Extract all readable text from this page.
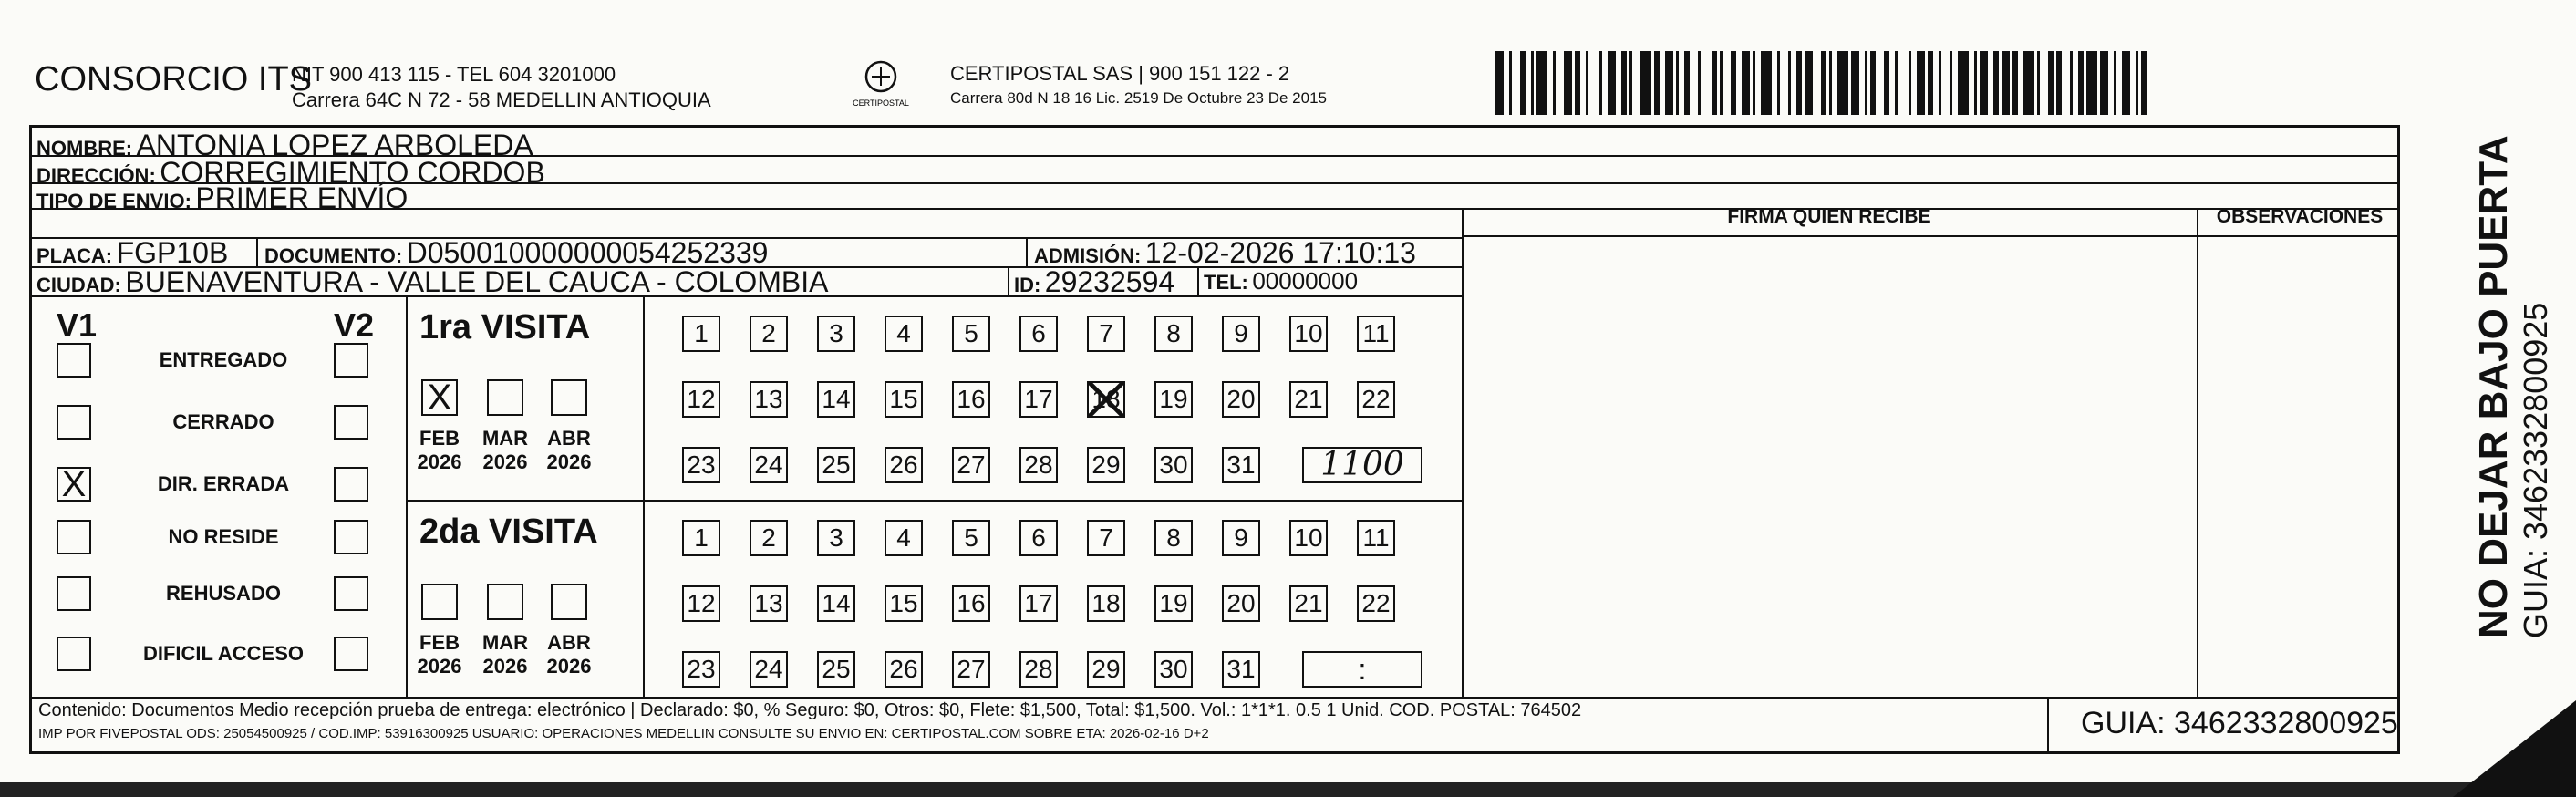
CONSORCIO ITS
NIT 900 413 115 - TEL 604 3201000
Carrera 64C N 72 - 58 MEDELLIN ANTIOQUIA	CERTIPOSTAL
CERTIPOSTAL SAS | 900 151 122 - 2
Carrera 80d N 18 16 Lic. 2519 De Octubre 23 De 2015
NOMBRE: ANTONIA LOPEZ ARBOLEDA
DIRECCIÓN: CORREGIMIENTO CORDOB
TIPO DE ENVIO: PRIMER ENVÍO
FIRMA QUIEN RECIBE	OBSERVACIONES
PLACA: FGP10B DOCUMENTO: D050010000000054252339	ADMISIÓN: 12-02-2026 17:10:13
CIUDAD: BUENAVENTURA - VALLE DEL CAUCA - COLOMBIA	ID: 29232594 TEL: 00000000
V1	V2
ENTREGADO
CERRADO
X	DIR. ERRADA
NO RESIDE
REHUSADO
DIFICIL ACCESO
1ra VISITA
X
FEB
2026
MAR
2026
ABR
2026
1	2	3	4	5	6	7	8	9	10 11
12 13 14 15 16 17 18 19 20 21 22
23 24 25 26 27 28 29 30 31	1100
2da VISITA
FEB
2026
MAR
2026
ABR
2026
1	2	3	4	5	6	7	8	9	10 11
12 13 14 15 16 17 18 19 20 21 22
23 24 25 26 27 28 29 30 31	:
Contenido: Documentos Medio recepción prueba de entrega: electrónico | Declarado: $0, % Seguro: $0, Otros: $0, Flete: $1,500, Total: $1,500. Vol.: 1*1*1. 0.5 1 Unid. COD. POSTAL: 764502
IMP POR FIVEPOSTAL ODS: 25054500925 / COD.IMP: 53916300925 USUARIO: OPERACIONES MEDELLIN CONSULTE SU ENVIO EN: CERTIPOSTAL.COM SOBRE ETA: 2026-02-16 D+2	GUIA: 3462332800925
NO DEJAR BAJO PUERTA GUIA: 3462332800925
